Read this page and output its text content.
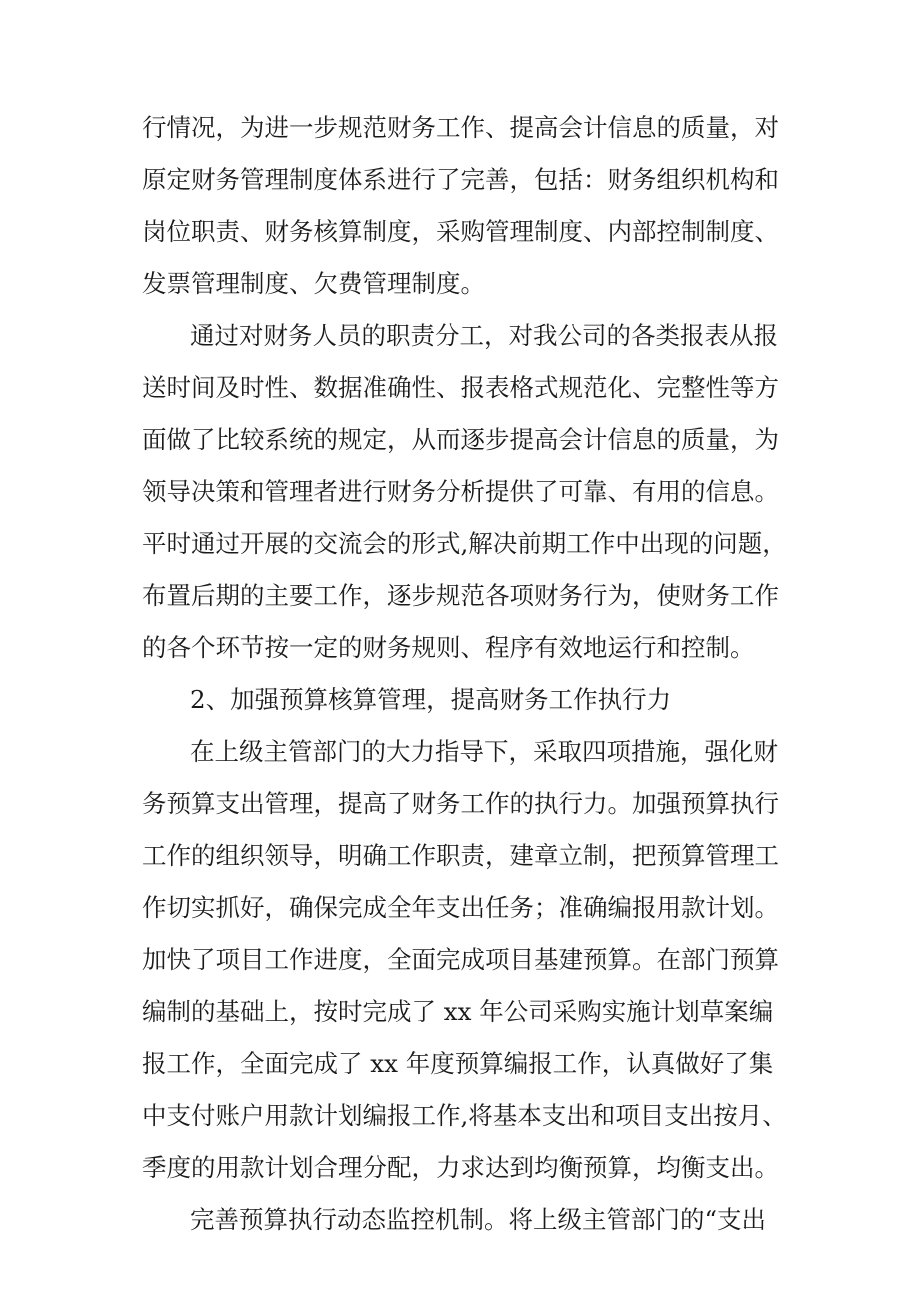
行情况，为进一步规范财务工作、提高会计信息的质量，对
原定财务管理制度体系进行了完善，包括：财务组织机构和
岗位职责、财务核算制度，采购管理制度、内部控制制度、
发票管理制度、欠费管理制度。
通过对财务人员的职责分工，对我公司的各类报表从报
送时间及时性、数据准确性、报表格式规范化、完整性等方
面做了比较系统的规定，从而逐步提高会计信息的质量，为
领导决策和管理者进行财务分析提供了可靠、有用的信息。
平时通过开展的交流会的形式,解决前期工作中出现的问题，
布置后期的主要工作，逐步规范各项财务行为，使财务工作
的各个环节按一定的财务规则、程序有效地运行和控制。
2、加强预算核算管理，提高财务工作执行力
在上级主管部门的大力指导下，采取四项措施，强化财
务预算支出管理，提高了财务工作的执行力。加强预算执行
工作的组织领导，明确工作职责，建章立制，把预算管理工
作切实抓好，确保完成全年支出任务；准确编报用款计划。
加快了项目工作进度，全面完成项目基建预算。在部门预算
编制的基础上，按时完成了 xx 年公司采购实施计划草案编
报工作，全面完成了 xx 年度预算编报工作，认真做好了集
中支付账户用款计划编报工作,将基本支出和项目支出按月、
季度的用款计划合理分配，力求达到均衡预算，均衡支出。
完善预算执行动态监控机制。将上级主管部门的“支出
